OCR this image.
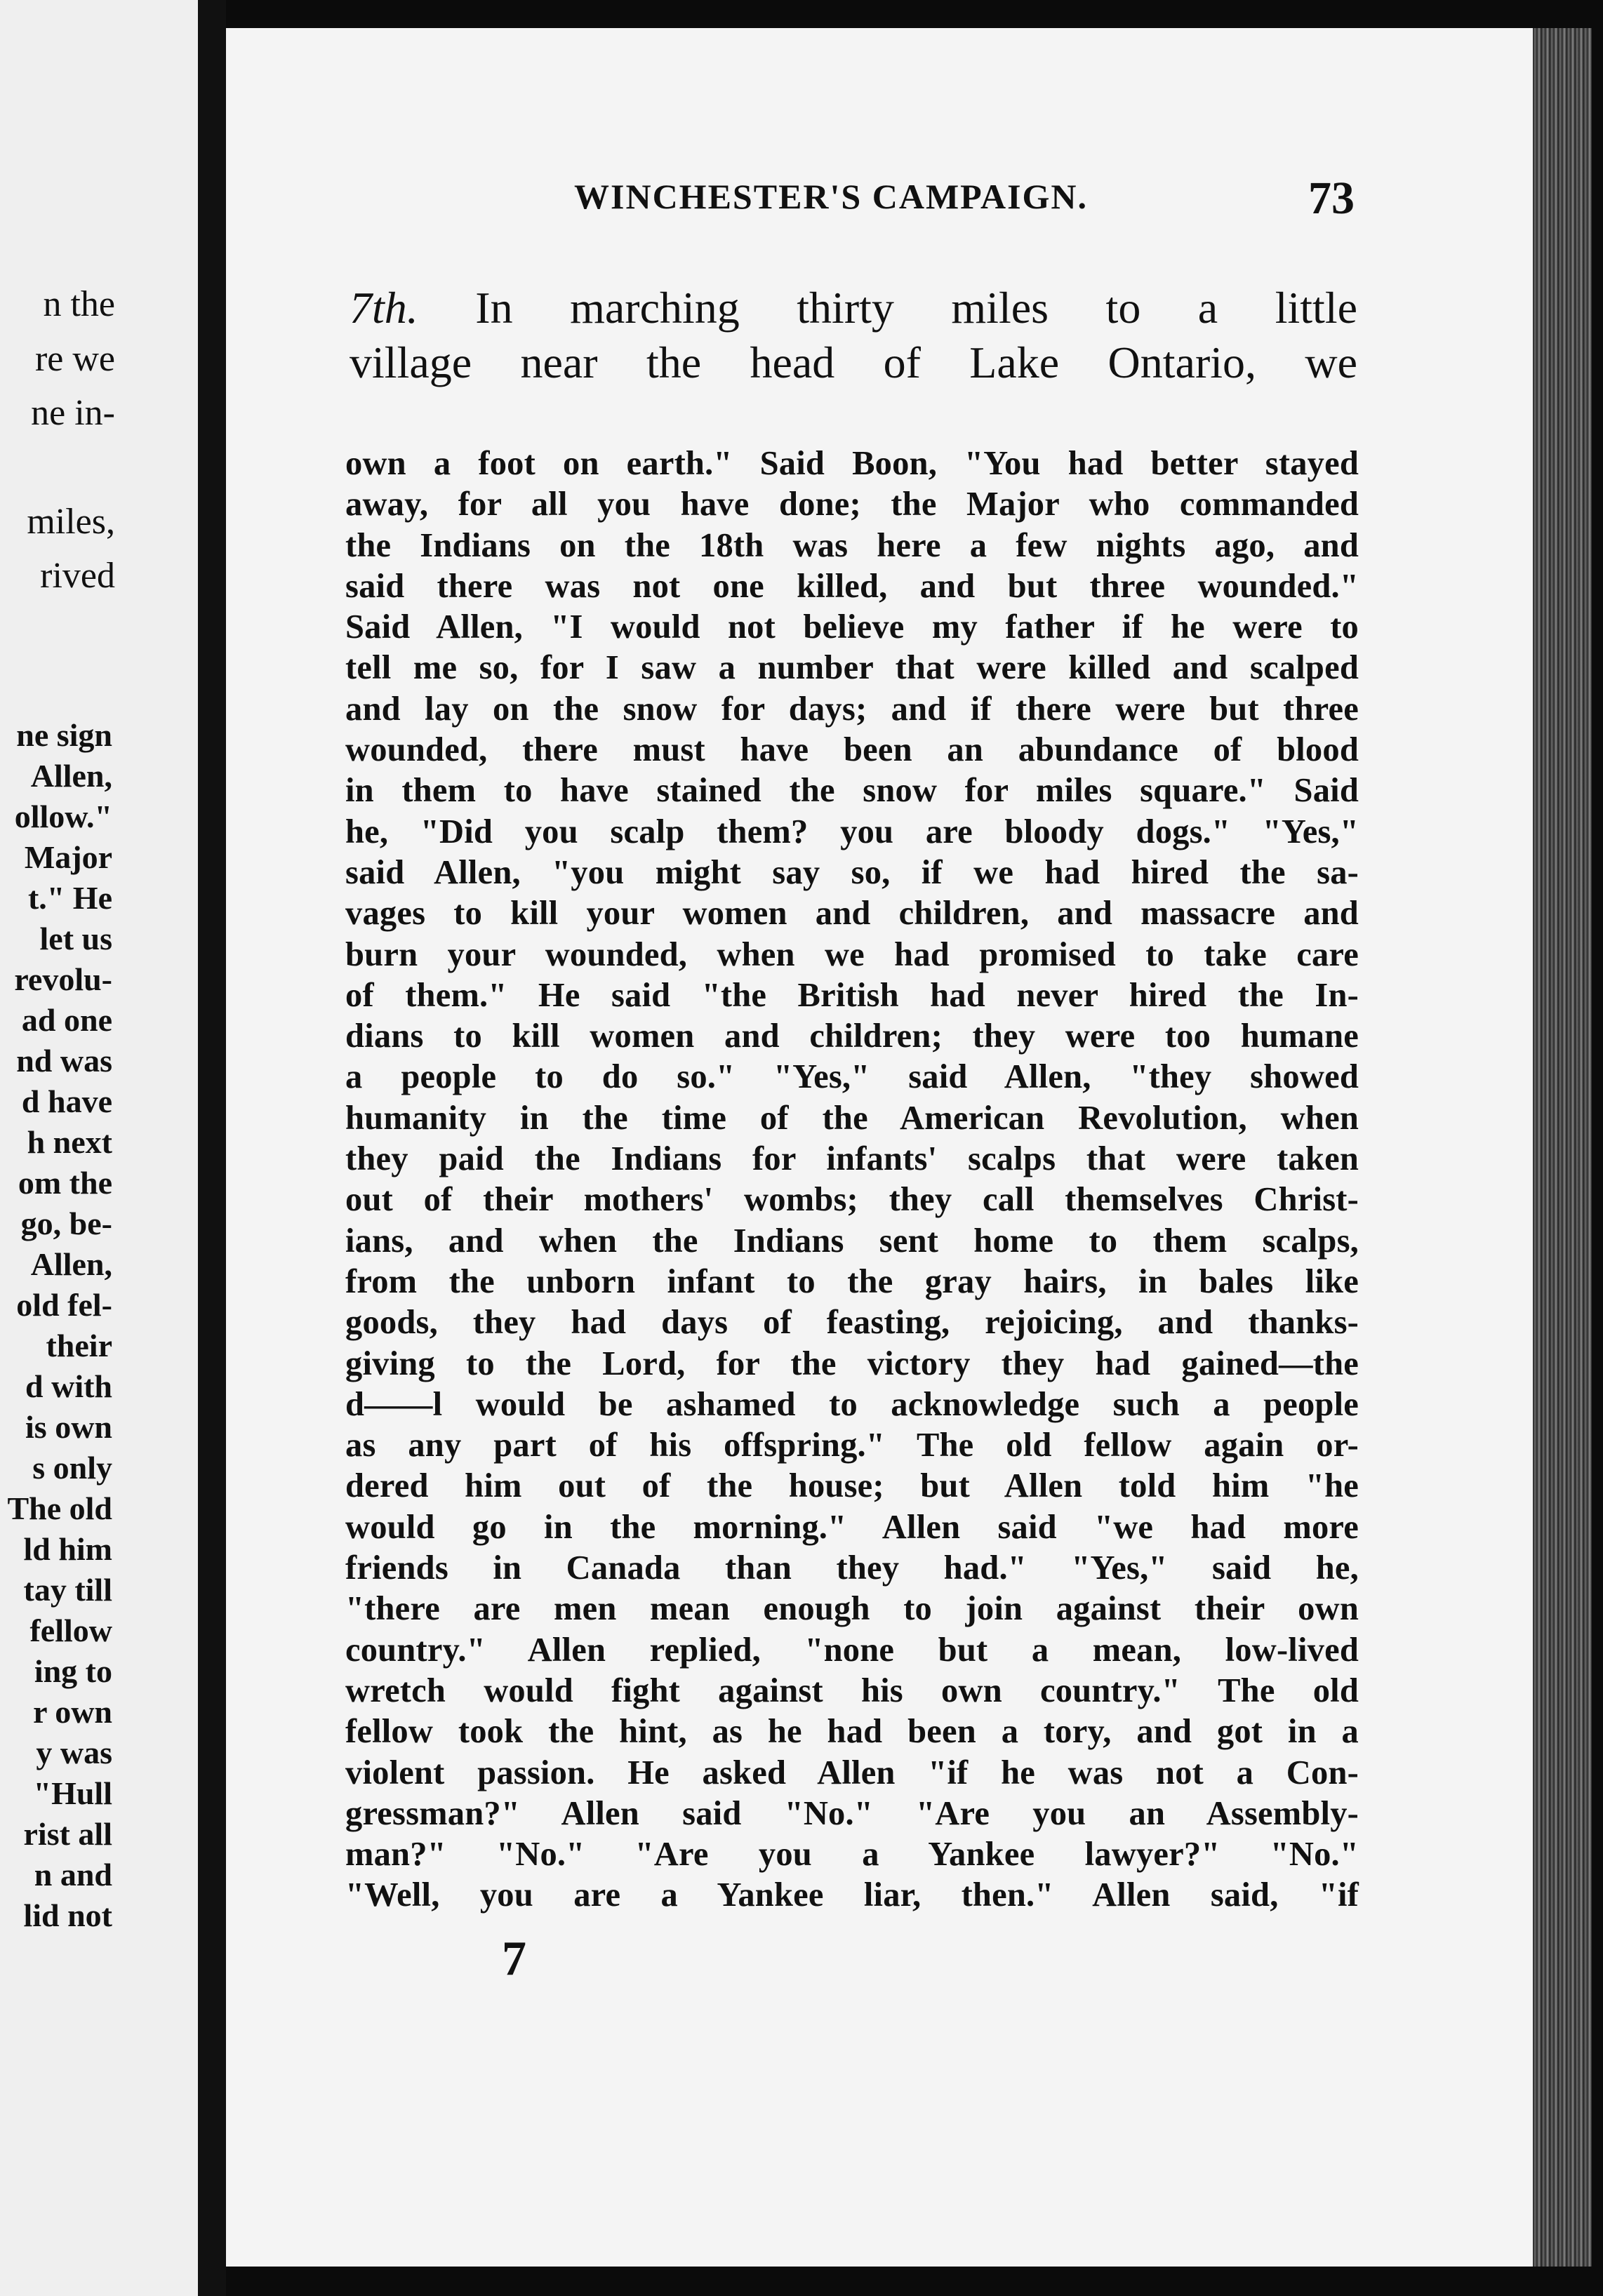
n the
re we
ne in-
miles,
rived
ne sign
Allen,
ollow."
Major
t." He
let us
revolu-
ad one
nd was
d have
h next
om the
go, be-
Allen,
old fel-
their
d with
is own
s only
The old
ld him
tay till
fellow
ing to
r own
y was
"Hull
rist all
n and
lid not
WINCHESTER'S CAMPAIGN.	73
7th. In marching thirty miles to a little
village near the head of Lake Ontario, we
own a foot on earth." Said Boon, "You had better stayed
away, for all you have done; the Major who commanded
the Indians on the 18th was here a few nights ago, and
said there was not one killed, and but three wounded."
Said Allen, "I would not believe my father if he were to
tell me so, for I saw a number that were killed and scalped
and lay on the snow for days; and if there were but three
wounded, there must have been an abundance of blood
in them to have stained the snow for miles square." Said
he, "Did you scalp them? you are bloody dogs." "Yes,"
said Allen, "you might say so, if we had hired the sa-
vages to kill your women and children, and massacre and
burn your wounded, when we had promised to take care
of them." He said "the British had never hired the In-
dians to kill women and children; they were too humane
a people to do so." "Yes," said Allen, "they showed
humanity in the time of the American Revolution, when
they paid the Indians for infants' scalps that were taken
out of their mothers' wombs; they call themselves Christ-
ians, and when the Indians sent home to them scalps,
from the unborn infant to the gray hairs, in bales like
goods, they had days of feasting, rejoicing, and thanks-
giving to the Lord, for the victory they had gained—the
d——l would be ashamed to acknowledge such a people
as any part of his offspring." The old fellow again or-
dered him out of the house; but Allen told him "he
would go in the morning." Allen said "we had more
friends in Canada than they had." "Yes," said he,
"there are men mean enough to join against their own
country." Allen replied, "none but a mean, low-lived
wretch would fight against his own country." The old
fellow took the hint, as he had been a tory, and got in a
violent passion. He asked Allen "if he was not a Con-
gressman?" Allen said "No." "Are you an Assembly-
man?" "No." "Are you a Yankee lawyer?" "No."
"Well, you are a Yankee liar, then." Allen said, "if
7
